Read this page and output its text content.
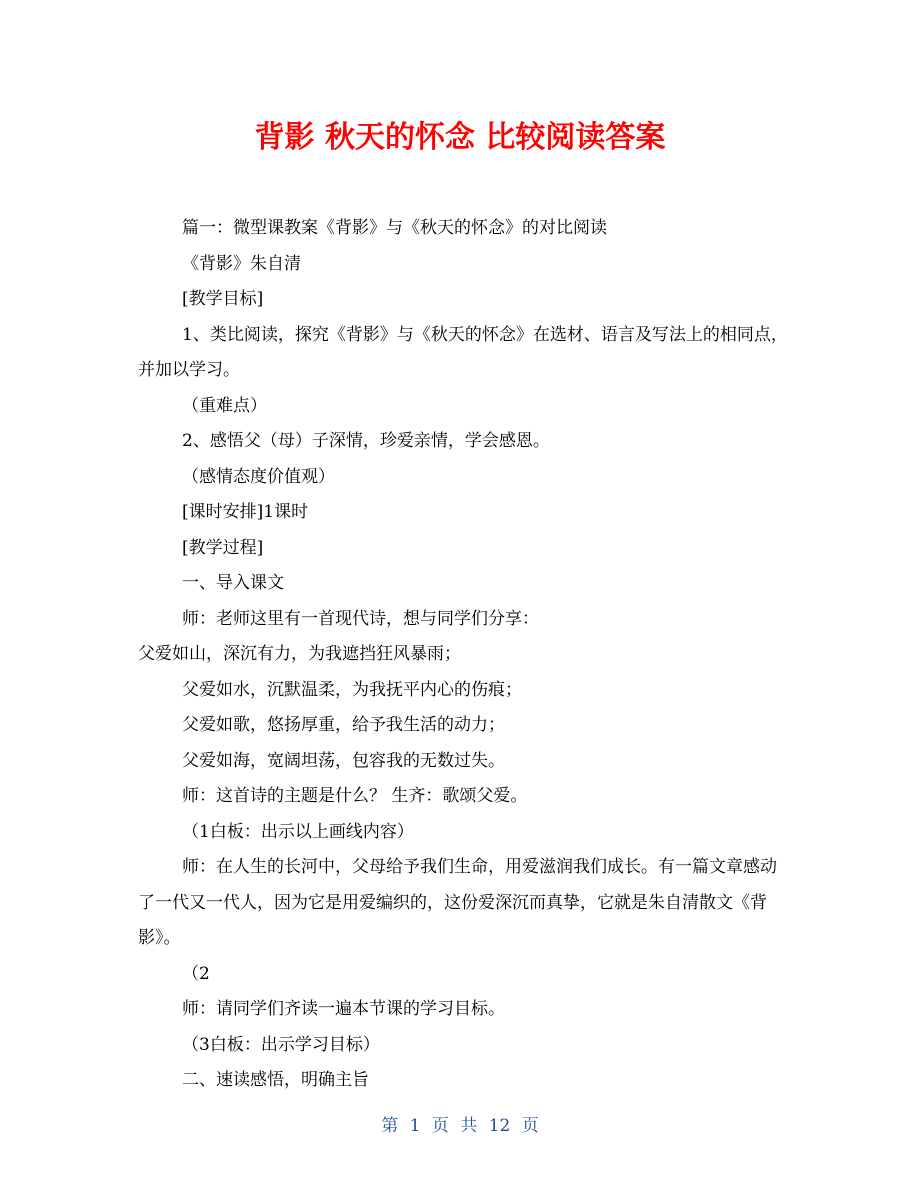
背影 秋天的怀念 比较阅读答案

篇一：微型课教案《背影》与《秋天的怀念》的对比阅读

《背影》朱自清

[教学目标]

1、类比阅读，探究《背影》与《秋天的怀念》在选材、语言及写法上的相同点，并加以学习。

（重难点）

2、感悟父（母）子深情，珍爱亲情，学会感恩。

（感情态度价值观）

[课时安排]1课时

[教学过程]

一、导入课文

师：老师这里有一首现代诗，想与同学们分享：

父爱如山，深沉有力，为我遮挡狂风暴雨；

父爱如水，沉默温柔，为我抚平内心的伤痕；

父爱如歌，悠扬厚重，给予我生活的动力；

父爱如海，宽阔坦荡，包容我的无数过失。

师：这首诗的主题是什么？ 生齐：歌颂父爱。

（1白板：出示以上画线内容）

师：在人生的长河中，父母给予我们生命，用爱滋润我们成长。有一篇文章感动了一代又一代人，因为它是用爱编织的，这份爱深沉而真挚，它就是朱自清散文《背影》。

（2

师：请同学们齐读一遍本节课的学习目标。

（3白板：出示学习目标）

二、速读感悟，明确主旨

第 1 页 共 12 页
